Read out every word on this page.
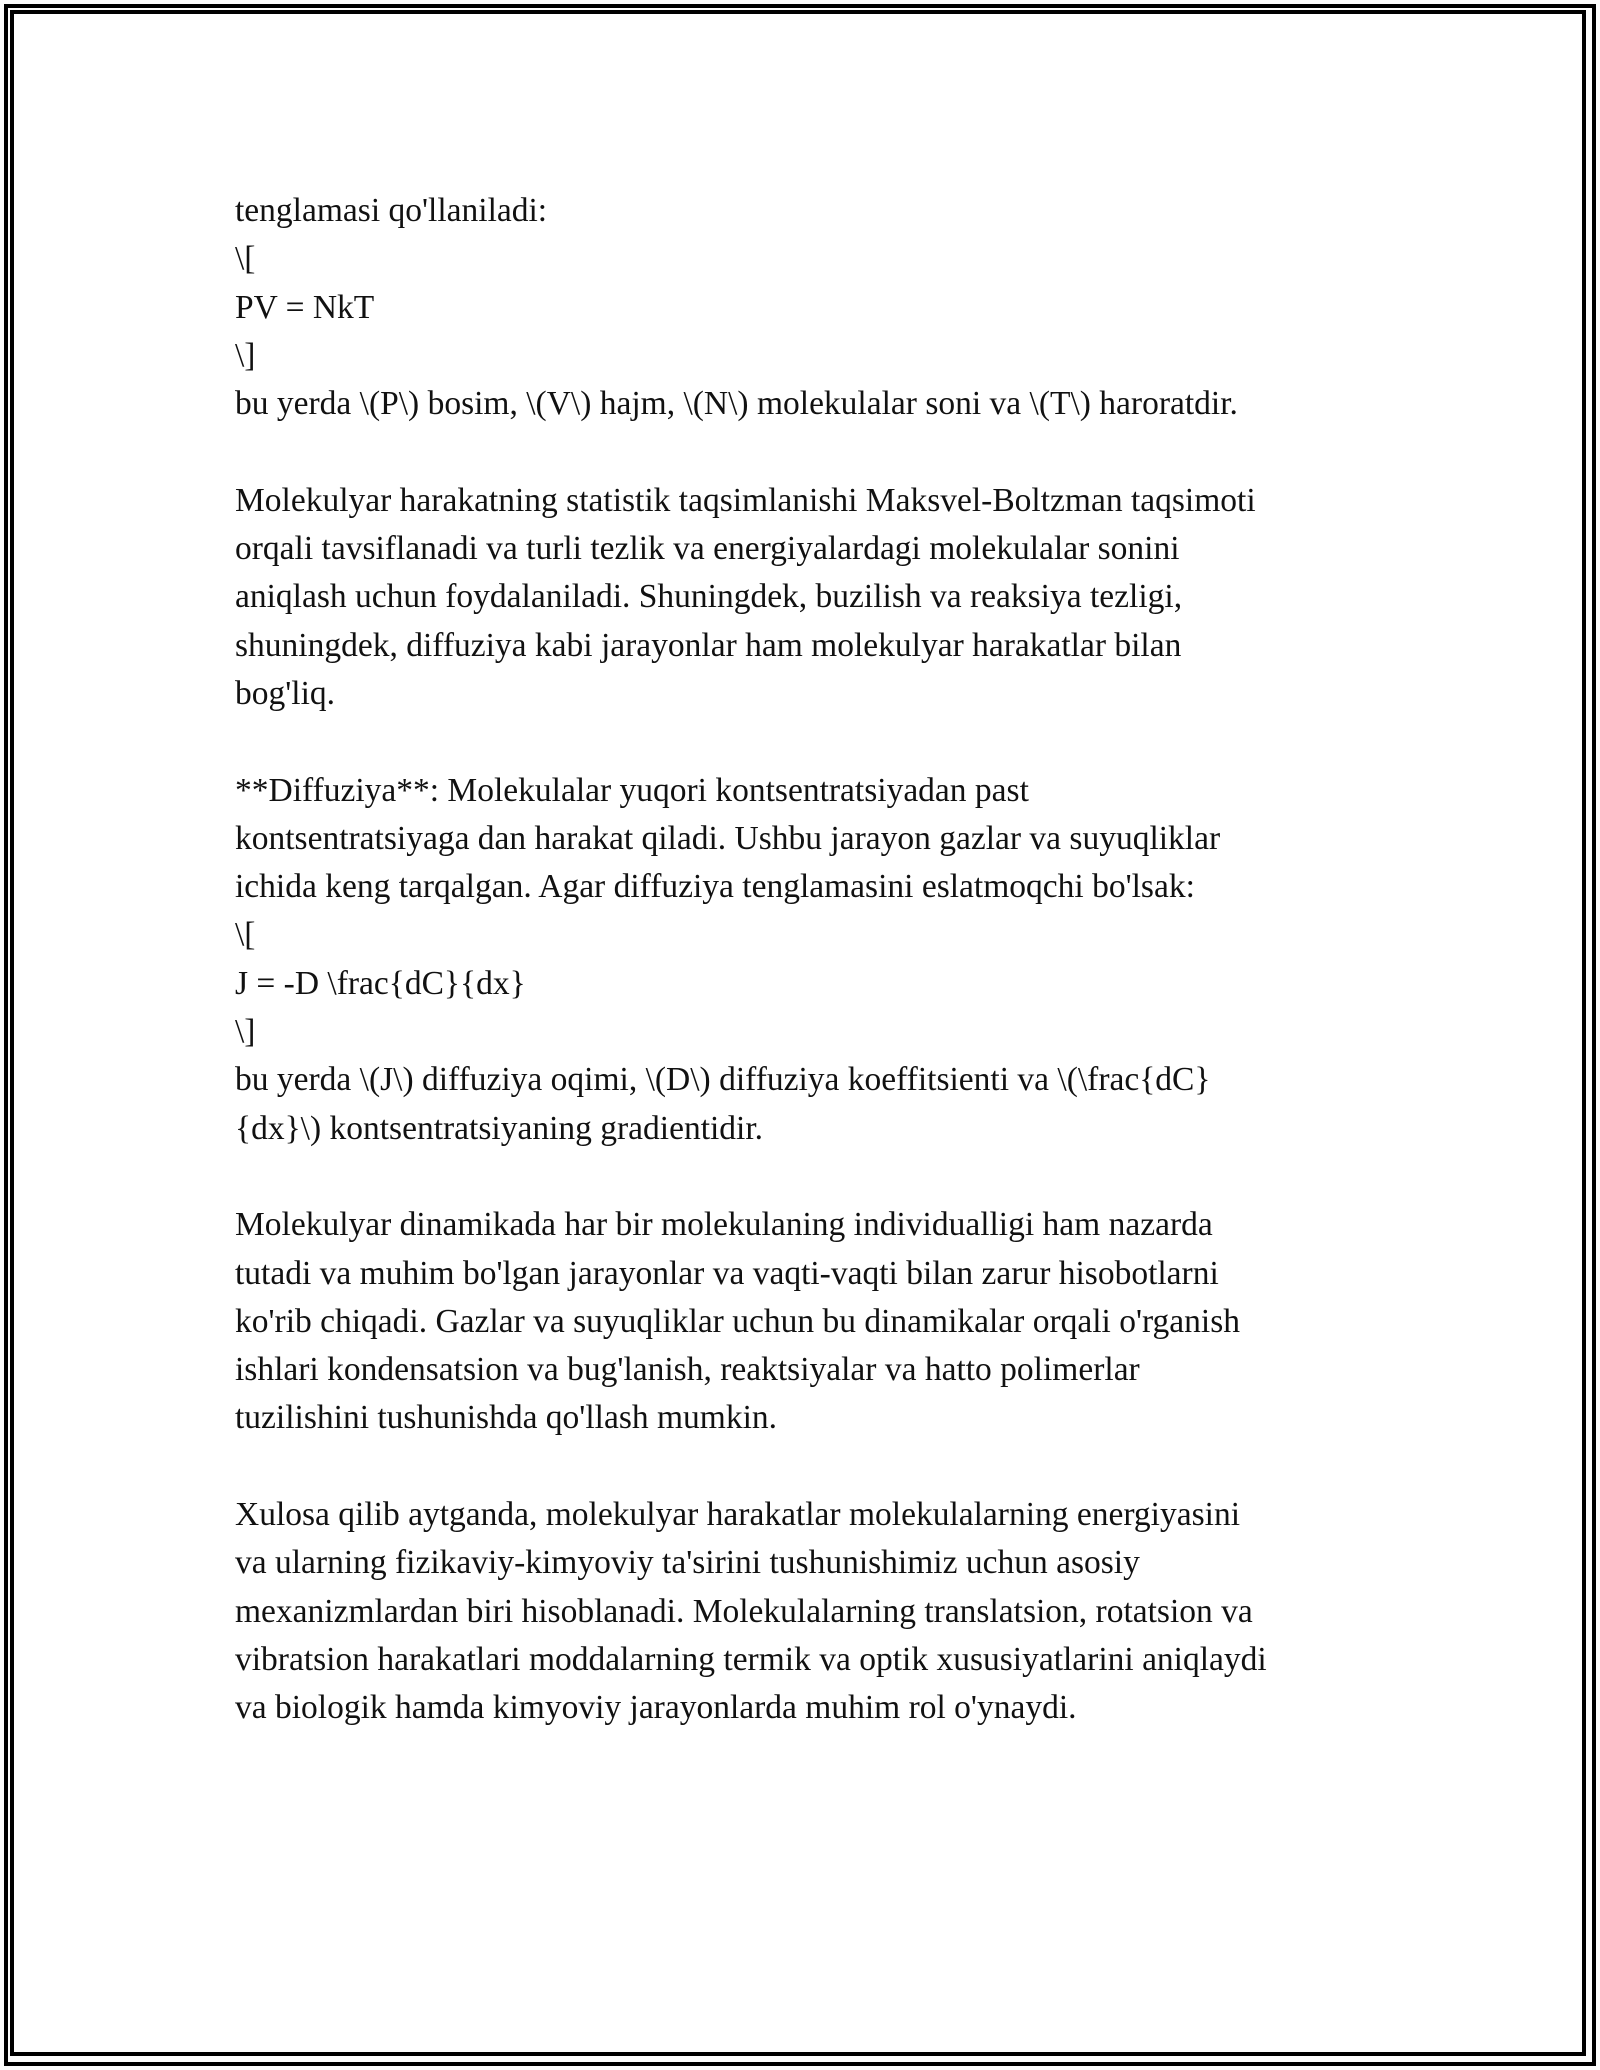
tenglamasi qo'llaniladi:
\[
PV = NkT
\]
bu yerda \(P\) bosim, \(V\) hajm, \(N\) molekulalar soni va \(T\) haroratdir.
Molekulyar harakatning statistik taqsimlanishi Maksvel-Boltzman taqsimoti
orqali tavsiflanadi va turli tezlik va energiyalardagi molekulalar sonini
aniqlash uchun foydalaniladi. Shuningdek, buzilish va reaksiya tezligi,
shuningdek, diffuziya kabi jarayonlar ham molekulyar harakatlar bilan
bog'liq.
**Diffuziya**: Molekulalar yuqori kontsentratsiyadan past
kontsentratsiyaga dan harakat qiladi. Ushbu jarayon gazlar va suyuqliklar
ichida keng tarqalgan. Agar diffuziya tenglamasini eslatmoqchi bo'lsak:
\[
J = -D \frac{dC}{dx}
\]
bu yerda \(J\) diffuziya oqimi, \(D\) diffuziya koeffitsienti va \(\frac{dC}
{dx}\) kontsentratsiyaning gradientidir.
Molekulyar dinamikada har bir molekulaning individualligi ham nazarda
tutadi va muhim bo'lgan jarayonlar va vaqti-vaqti bilan zarur hisobotlarni
ko'rib chiqadi. Gazlar va suyuqliklar uchun bu dinamikalar orqali o'rganish
ishlari kondensatsion va bug'lanish, reaktsiyalar va hatto polimerlar
tuzilishini tushunishda qo'llash mumkin.
Xulosa qilib aytganda, molekulyar harakatlar molekulalarning energiyasini
va ularning fizikaviy-kimyoviy ta'sirini tushunishimiz uchun asosiy
mexanizmlardan biri hisoblanadi. Molekulalarning translatsion, rotatsion va
vibratsion harakatlari moddalarning termik va optik xususiyatlarini aniqlaydi
va biologik hamda kimyoviy jarayonlarda muhim rol o'ynaydi.
